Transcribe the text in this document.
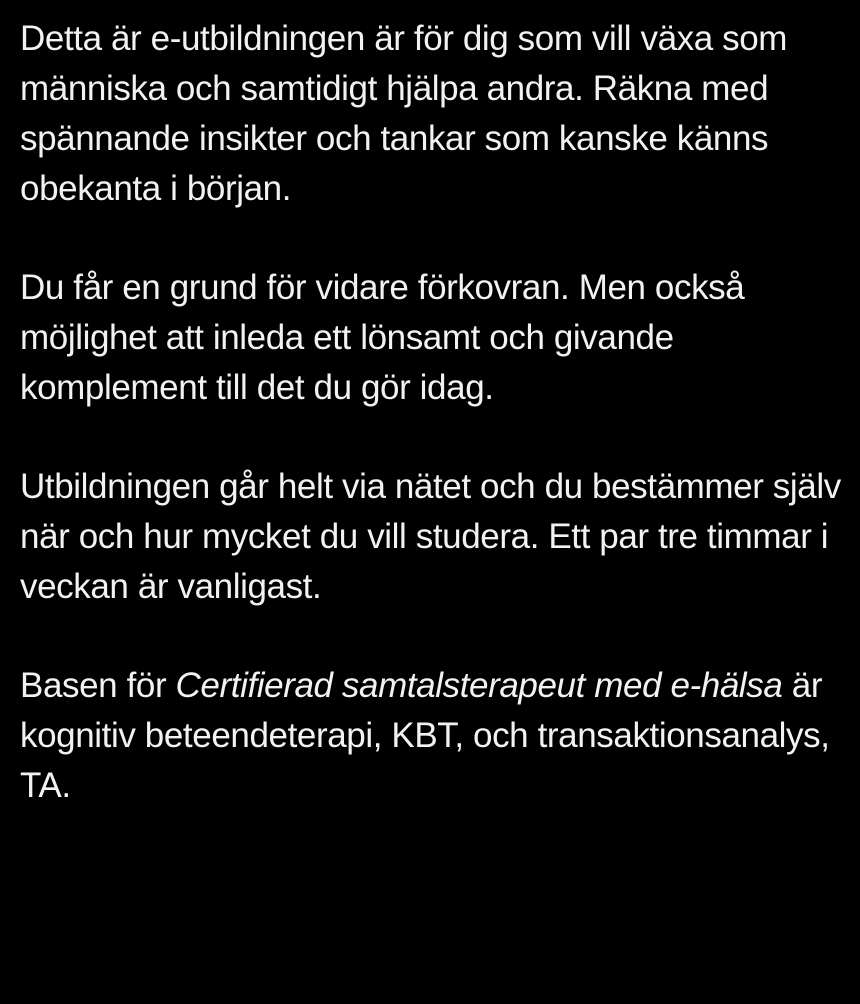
Detta är e-utbildningen är för dig som vill växa som människa och samtidigt hjälpa andra. Räkna med spännande insikter och tankar som kanske känns obekanta i början.

Du får en grund för vidare förkovran. Men också möjlighet att inleda ett lönsamt och givande komplement till det du gör idag.

Utbildningen går helt via nätet och du bestämmer själv när och hur mycket du vill studera. Ett par tre timmar i veckan är vanligast.

Basen för Certifierad samtalsterapeut med e-hälsa är kognitiv beteendeterapi, KBT, och transaktionsanalys, TA.
